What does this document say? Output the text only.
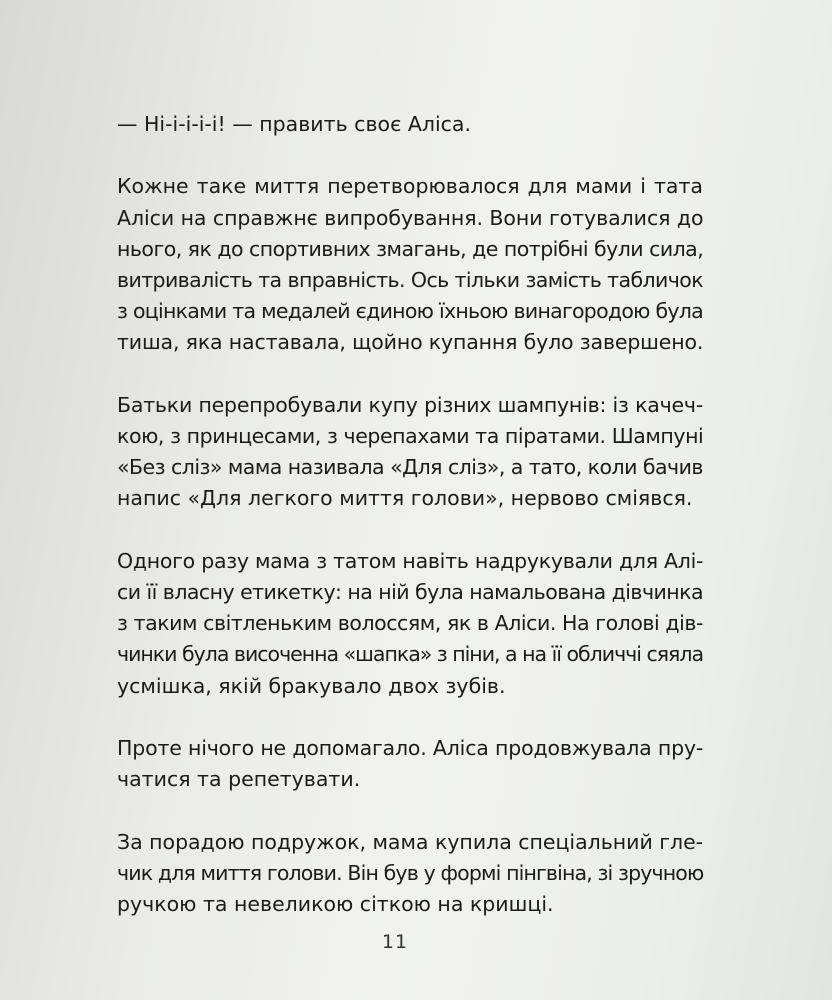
— Ні-і-і-і-і! — править своє Аліса.

Кожне таке миття перетворювалося для мами і тата
Аліси на справжнє випробування. Вони готувалися до
нього, як до спортивних змагань, де потрібні були сила,
витривалість та вправність. Ось тільки замість табличок
з оцінками та медалей єдиною їхньою винагородою була
тиша, яка наставала, щойно купання було завершено.

Батьки перепробували купу різних шампунів: із качеч-
кою, з принцесами, з черепахами та піратами. Шампуні
«Без сліз» мама називала «Для сліз», а тато, коли бачив
напис «Для легкого миття голови», нервово сміявся.

Одного разу мама з татом навіть надрукували для Алі-
си її власну етикетку: на ній була намальована дівчинка
з таким світленьким волоссям, як в Аліси. На голові дів-
чинки була височенна «шапка» з піни, а на її обличчі сяяла
усмішка, якій бракувало двох зубів.

Проте нічого не допомагало. Аліса продовжувала пру-
чатися та репетувати.

За порадою подружок, мама купила спеціальний гле-
чик для миття голови. Він був у формі пінгвіна, зі зручною
ручкою та невеликою сіткою на кришці.

11
